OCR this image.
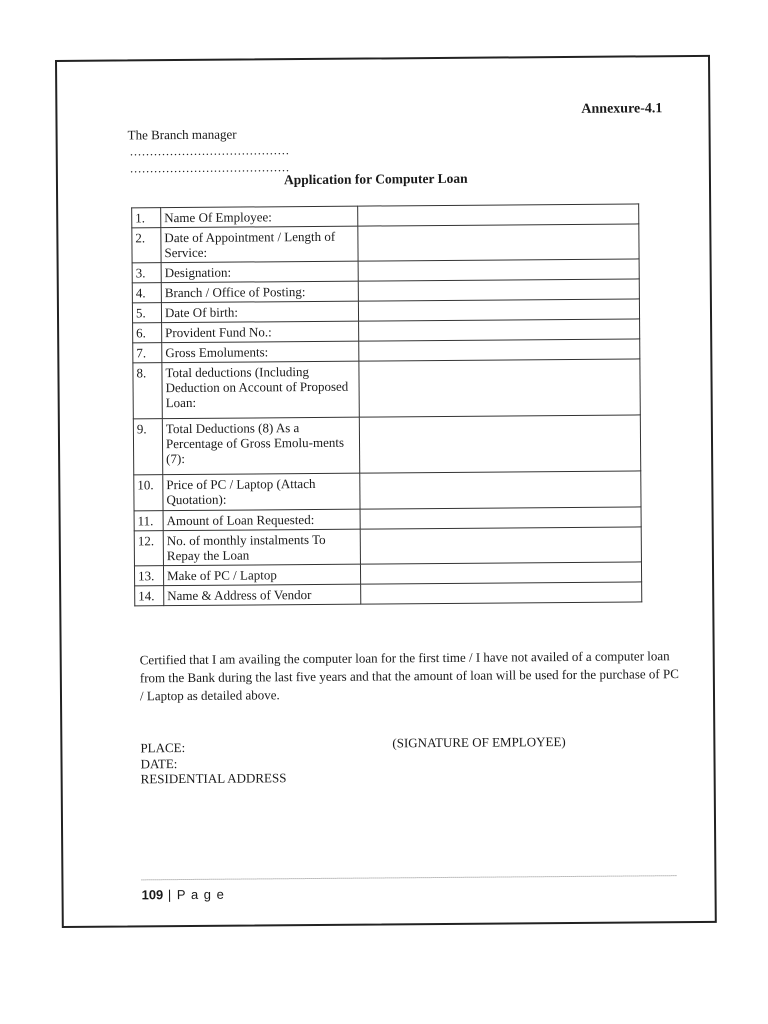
Annexure-4.1
The Branch manager
........................................
........................................
Application for Computer Loan
1.	Name Of Employee:	
2.	Date of Appointment / Length of Service:	
3.	Designation:	
4.	Branch / Office of Posting:	
5.	Date Of birth:	
6.	Provident Fund No.:	
7.	Gross Emoluments:	
8.	Total deductions (Including Deduction on Account of Proposed Loan:	
9.	Total Deductions (8) As a Percentage of Gross Emolu-ments (7):	
10.	Price of PC / Laptop (Attach Quotation):	
11.	Amount of Loan Requested:	
12.	No. of monthly instalments To Repay the Loan	
13.	Make of PC / Laptop	
14.	Name & Address of Vendor	
Certified that I am availing the computer loan for the first time / I have not availed of a computer loan from the Bank during the last five years and that the amount of loan will be used for the purchase of PC / Laptop as detailed above.
PLACE:
DATE:
RESIDENTIAL ADDRESS
(SIGNATURE OF EMPLOYEE)
109 | P a g e
